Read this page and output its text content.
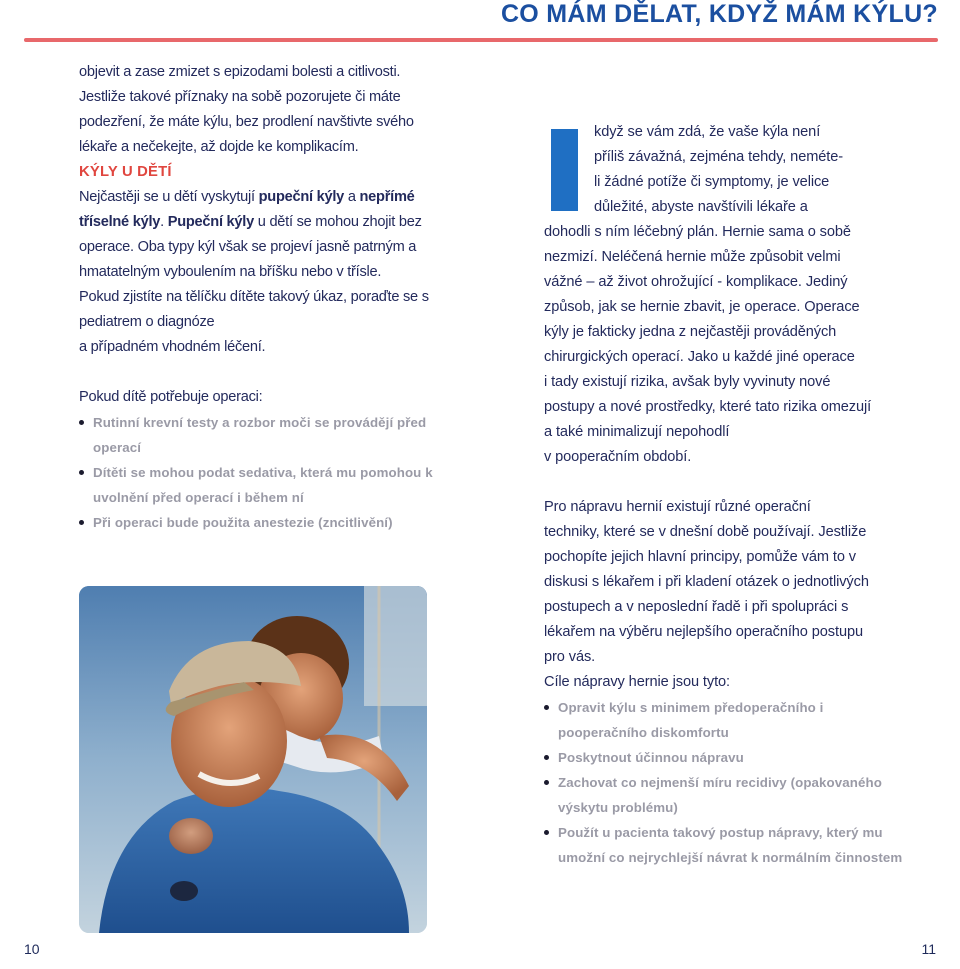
CO MÁM DĚLAT, KDYŽ MÁM KÝLU?

objevit a zase zmizet s epizodami bolesti a citlivosti.

Jestliže takové příznaky na sobě pozorujete či máte

podezření, že máte kýlu, bez prodlení navštivte svého

lékaře a nečekejte, až dojde ke komplikacím.

KÝLY U DĚTÍ

Nejčastěji se u dětí vyskytují pupeční kýly a nepřímé tříselné kýly. Pupeční kýly u dětí se mohou zhojit bez operace. Oba typy kýl však se projeví jasně patrným a hmatatelným vyboulením na bříšku nebo v třísle.

Pokud zjistíte na tělíčku dítěte takový úkaz, poraďte se s

pediatrem o diagnóze

a případném vhodném léčení.

Pokud dítě potřebuje operaci:

Rutinní krevní testy a rozbor moči se provádějí před operací
Dítěti se mohou podat sedativa, která mu pomohou k uvolnění před operací i během ní
Při operaci bude použita anestezie (zncitlivění)
když se vám zdá, že vaše kýla není
příliš závažná, zejména tehdy, neméte-
li žádné potíže či symptomy, je velice
důležité, abyste navštívili lékaře a
dohodli s ním léčebný plán. Hernie sama o sobě
nezmizí. Neléčená hernie může způsobit velmi
vážné – až život ohrožující - komplikace. Jediný
způsob, jak se hernie zbavit, je operace. Operace
kýly je fakticky jedna z nejčastěji prováděných
chirurgických operací. Jako u každé jiné operace
i tady existují rizika, avšak byly vyvinuty nové
postupy a nové prostředky, které tato rizika omezují
a také minimalizují nepohodlí
v pooperačním období.
Pro nápravu hernií existují různé operační
techniky, které se v dnešní době používají. Jestliže
pochopíte jejich hlavní principy, pomůže vám to v
diskusi s lékařem i při kladení otázek o jednotlivých
postupech a v neposlední řadě i při spolupráci s
lékařem na výběru nejlepšího operačního postupu
pro vás.
Cíle nápravy hernie jsou tyto:
Opravit kýlu s minimem předoperačního i pooperačního diskomfortu
Poskytnout účinnou nápravu
Zachovat co nejmenší míru recidivy (opakovaného výskytu problému)
Použít u pacienta takový postup nápravy, který mu umožní co nejrychlejší návrat k normálním činnostem
10	11
